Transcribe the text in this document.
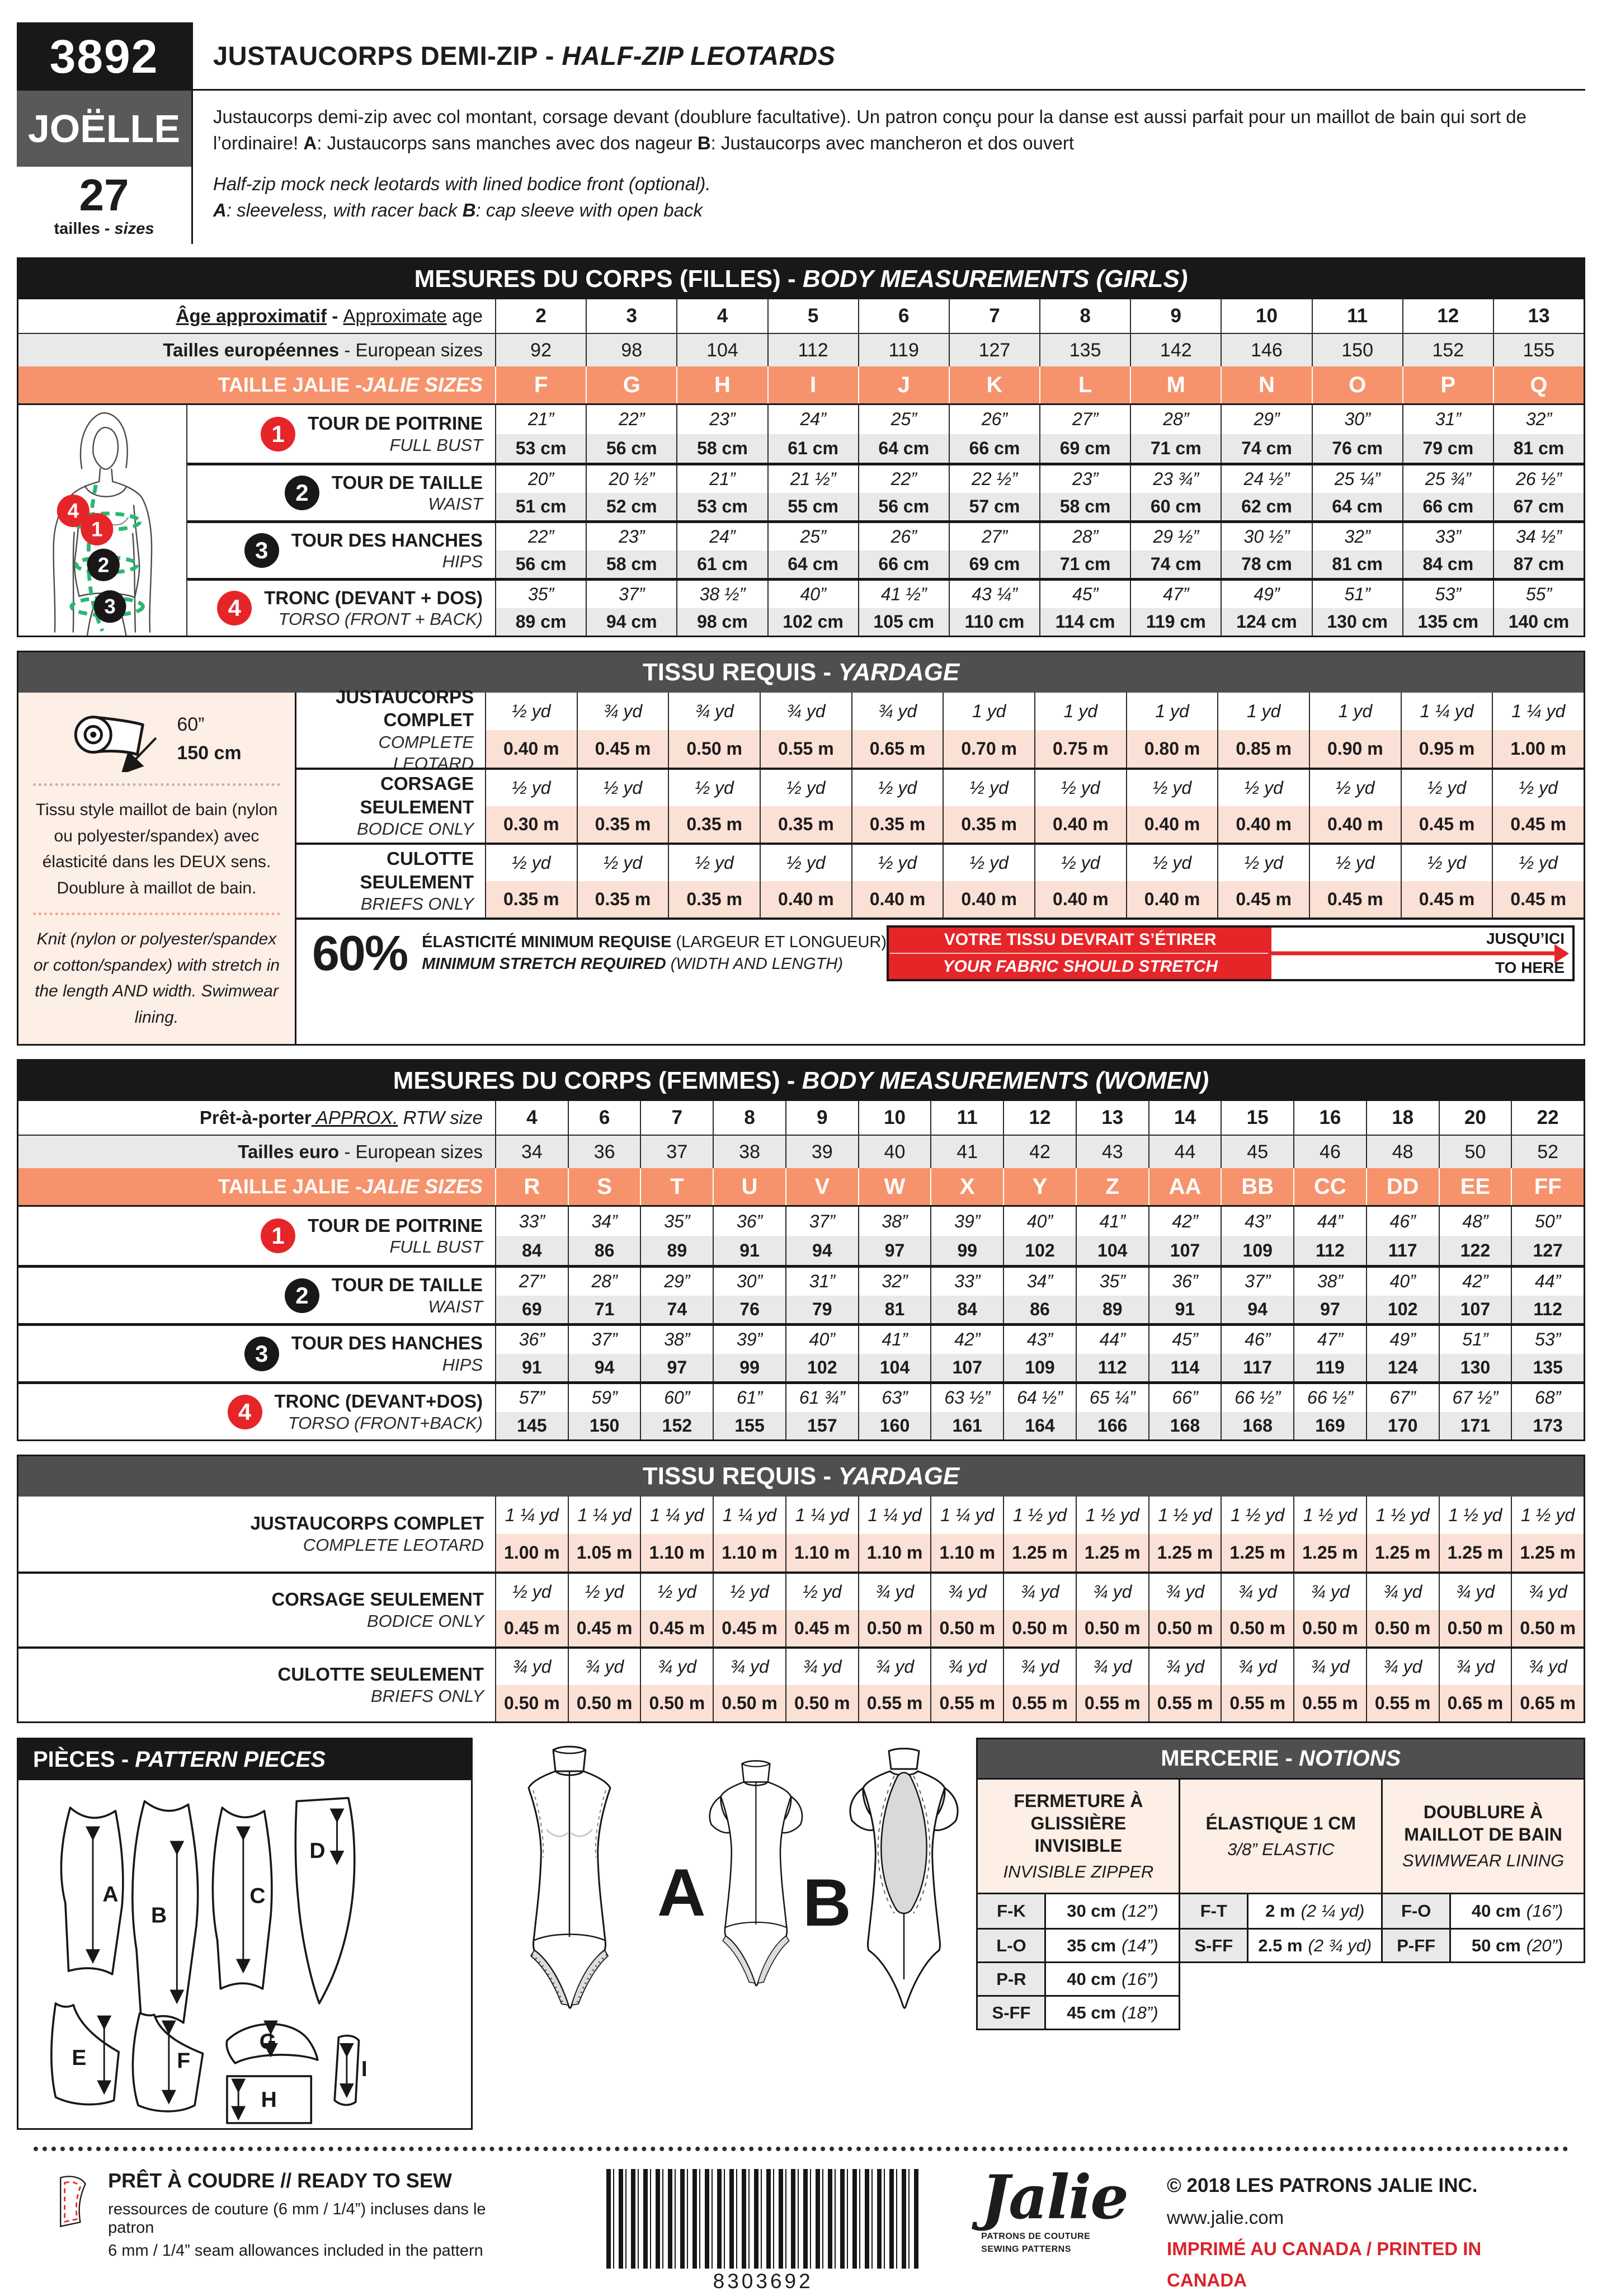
3892
JOËLLE
27
tailles - sizes
JUSTAUCORPS DEMI-ZIP - HALF-ZIP LEOTARDS
Justaucorps demi-zip avec col montant, corsage devant (doublure facultative). Un patron conçu pour la danse est aussi parfait pour un maillot de bain qui sort de l’ordinaire! A: Justaucorps sans manches avec dos nageur B: Justaucorps avec mancheron et dos ouvert
Half-zip mock neck leotards with lined bodice front (optional).
A: sleeveless, with racer back B: cap sleeve with open back
MESURES DU CORPS (FILLES) - BODY MEASUREMENTS (GIRLS)
Âge approximatif - Approximate age	2	3	4	5	6	7	8	9	10	11	12	13
Tailles européennes - European sizes	92	98	104	112	119	127	135	142	146	150	152	155
TAILLE JALIE -JALIE SIZES	F	G	H	I	J	K	L	M	N	O	P	Q
4
1
2
3
1	TOUR DE POITRINE
FULL BUST
21”	22”	23”	24”	25”	26”	27”	28”	29”	30”	31”	32”
53 cm	56 cm	58 cm	61 cm	64 cm	66 cm	69 cm	71 cm	74 cm	76 cm	79 cm	81 cm
2	TOUR DE TAILLE
WAIST
20”	20 ½”	21”	21 ½”	22”	22 ½”	23”	23 ¾”	24 ½”	25 ¼”	25 ¾”	26 ½”
51 cm	52 cm	53 cm	55 cm	56 cm	57 cm	58 cm	60 cm	62 cm	64 cm	66 cm	67 cm
3	TOUR DES HANCHES
HIPS
22”	23”	24”	25”	26”	27”	28”	29 ½”	30 ½”	32”	33”	34 ½”
56 cm	58 cm	61 cm	64 cm	66 cm	69 cm	71 cm	74 cm	78 cm	81 cm	84 cm	87 cm
4	TRONC (DEVANT + DOS)
TORSO (FRONT + BACK)
35”	37”	38 ½”	40”	41 ½”	43 ¼”	45”	47”	49”	51”	53”	55”
89 cm	94 cm	98 cm	102 cm	105 cm	110 cm	114 cm	119 cm	124 cm	130 cm	135 cm	140 cm
TISSU REQUIS - YARDAGE
60”
150 cm
Tissu style maillot de bain (nylon ou polyester/spandex) avec élasticité dans les DEUX sens. Doublure à maillot de bain.
Knit (nylon or polyester/spandex or cotton/spandex) with stretch in the length AND width. Swimwear lining.
JUSTAUCORPS COMPLET
COMPLETE LEOTARD
½ yd	¾ yd	¾ yd	¾ yd	¾ yd	1 yd	1 yd	1 yd	1 yd	1 yd	1 ¼ yd	1 ¼ yd
0.40 m	0.45 m	0.50 m	0.55 m	0.65 m	0.70 m	0.75 m	0.80 m	0.85 m	0.90 m	0.95 m	1.00 m
CORSAGE SEULEMENT
BODICE ONLY
½ yd	½ yd	½ yd	½ yd	½ yd	½ yd	½ yd	½ yd	½ yd	½ yd	½ yd	½ yd
0.30 m	0.35 m	0.35 m	0.35 m	0.35 m	0.35 m	0.40 m	0.40 m	0.40 m	0.40 m	0.45 m	0.45 m
CULOTTE SEULEMENT
BRIEFS ONLY
½ yd	½ yd	½ yd	½ yd	½ yd	½ yd	½ yd	½ yd	½ yd	½ yd	½ yd	½ yd
0.35 m	0.35 m	0.35 m	0.40 m	0.40 m	0.40 m	0.40 m	0.40 m	0.45 m	0.45 m	0.45 m	0.45 m
60% ÉLASTICITÉ MINIMUM REQUISE (LARGEUR ET LONGUEUR)
MINIMUM STRETCH REQUIRED (WIDTH AND LENGTH)
VOTRE TISSU DEVRAIT S’ÉTIRER
YOUR FABRIC SHOULD STRETCH
JUSQU’ICI
TO HERE
MESURES DU CORPS (FEMMES) - BODY MEASUREMENTS (WOMEN)
Prêt-à-porter APPROX. RTW size	4	6	7	8	9	10	11	12	13	14	15	16	18	20	22
Tailles euro - European sizes	34	36	37	38	39	40	41	42	43	44	45	46	48	50	52
TAILLE JALIE -JALIE SIZES	R	S	T	U	V	W	X	Y	Z	AA	BB	CC	DD	EE	FF
1	TOUR DE POITRINE
FULL BUST
33”	34”	35”	36”	37”	38”	39”	40”	41”	42”	43”	44”	46”	48”	50”
84	86	89	91	94	97	99	102	104	107	109	112	117	122	127
2	TOUR DE TAILLE
WAIST
27”	28”	29”	30”	31”	32”	33”	34”	35”	36”	37”	38”	40”	42”	44”
69	71	74	76	79	81	84	86	89	91	94	97	102	107	112
3	TOUR DES HANCHES
HIPS
36”	37”	38”	39”	40”	41”	42”	43”	44”	45”	46”	47”	49”	51”	53”
91	94	97	99	102	104	107	109	112	114	117	119	124	130	135
4	TRONC (DEVANT+DOS)
TORSO (FRONT+BACK)
57”	59”	60”	61”	61 ¾”	63”	63 ½”	64 ½”	65 ¼”	66”	66 ½”	66 ½”	67”	67 ½”	68”
145	150	152	155	157	160	161	164	166	168	168	169	170	171	173
TISSU REQUIS - YARDAGE
JUSTAUCORPS COMPLET
COMPLETE LEOTARD
1 ¼ yd	1 ¼ yd	1 ¼ yd	1 ¼ yd	1 ¼ yd	1 ¼ yd	1 ¼ yd	1 ½ yd	1 ½ yd	1 ½ yd	1 ½ yd	1 ½ yd	1 ½ yd	1 ½ yd	1 ½ yd
1.00 m 1.05 m 1.10 m 1.10 m 1.10 m 1.10 m 1.10 m 1.25 m 1.25 m 1.25 m 1.25 m 1.25 m 1.25 m 1.25 m 1.25 m
CORSAGE SEULEMENT
BODICE ONLY
½ yd	½ yd	½ yd	½ yd	½ yd	¾ yd	¾ yd	¾ yd	¾ yd	¾ yd	¾ yd	¾ yd	¾ yd	¾ yd	¾ yd
0.45 m 0.45 m 0.45 m 0.45 m 0.45 m 0.50 m 0.50 m 0.50 m 0.50 m 0.50 m 0.50 m 0.50 m 0.50 m 0.50 m 0.50 m
CULOTTE SEULEMENT
BRIEFS ONLY
¾ yd	¾ yd	¾ yd	¾ yd	¾ yd	¾ yd	¾ yd	¾ yd	¾ yd	¾ yd	¾ yd	¾ yd	¾ yd	¾ yd	¾ yd
0.50 m 0.50 m 0.50 m 0.50 m 0.50 m 0.55 m 0.55 m 0.55 m 0.55 m 0.55 m 0.55 m 0.55 m 0.55 m 0.65 m 0.65 m
PIÈCES - PATTERN PIECES
A
B
C
D
E	F
G
H
I
A B
MERCERIE - NOTIONS
FERMETURE À GLISSIÈRE INVISIBLE
INVISIBLE ZIPPER
F-K	30 cm (12”)
L-O	35 cm (14”)
P-R	40 cm (16”)
S-FF	45 cm (18”)
ÉLASTIQUE 1 CM
3/8” ELASTIC
F-T	2 m (2 ¼ yd)
S-FF	2.5 m (2 ¾ yd)
DOUBLURE À MAILLOT DE BAIN
SWIMWEAR LINING
F-O	40 cm (16”)
P-FF	50 cm (20”)
PRÊT À COUDRE // READY TO SEW
ressources de couture (6 mm / 1/4”) incluses dans le patron
6 mm / 1/4” seam allowances included in the pattern
8303692
Jalie
PATRONS DE COUTURE
SEWING PATTERNS
© 2018 LES PATRONS JALIE INC.
www.jalie.com
IMPRIMÉ AU CANADA / PRINTED IN CANADA
